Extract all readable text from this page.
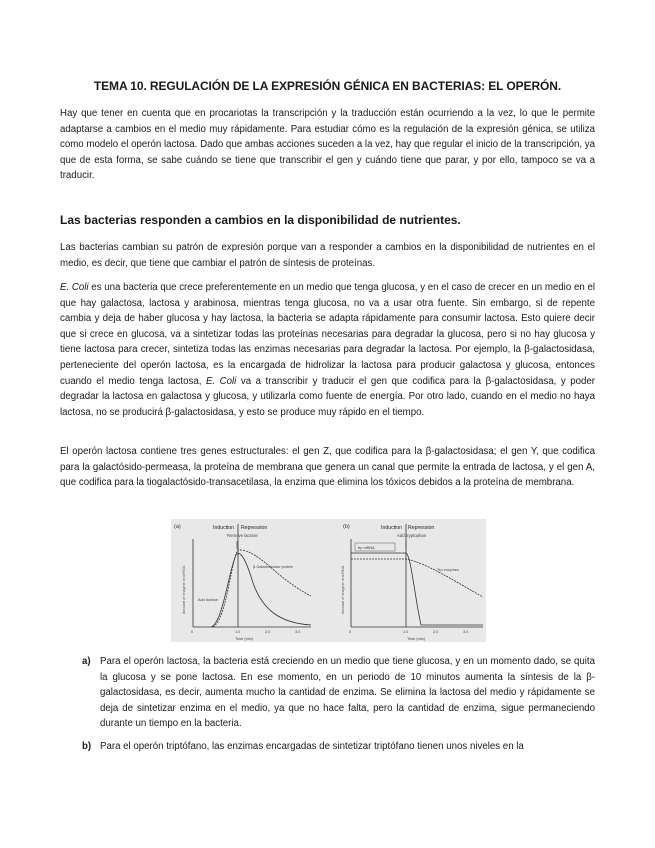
TEMA 10. REGULACIÓN DE LA EXPRESIÓN GÉNICA EN BACTERIAS: EL OPERÓN.

Hay que tener en cuenta que en procariotas la transcripción y la traducción están ocurriendo a la vez, lo que le permite adaptarse a cambios en el medio muy rápidamente. Para estudiar cómo es la regulación de la expresión génica, se utiliza como modelo el operón lactosa. Dado que ambas acciones suceden a la vez, hay que regular el inicio de la transcripción, ya que de esta forma, se sabe cuándo se tiene que transcribir el gen y cuándo tiene que parar, y por ello, tampoco se va a traducir.

Las bacterias responden a cambios en la disponibilidad de nutrientes.

Las bacterias cambian su patrón de expresión porque van a responder a cambios en la disponibilidad de nutrientes en el medio, es decir, que tiene que cambiar el patrón de síntesis de proteínas.

E. Coli es una bacteria que crece preferentemente en un medio que tenga glucosa, y en el caso de crecer en un medio en el que hay galactosa, lactosa y arabinosa, mientras tenga glucosa, no va a usar otra fuente. Sin embargo, si de repente cambia y deja de haber glucosa y hay lactosa, la bacteria se adapta rápidamente para consumir lactosa. Esto quiere decir que si crece en glucosa, va a sintetizar todas las proteínas necesarias para degradar la glucosa, pero si no hay glucosa y tiene lactosa para crecer, sintetiza todas las enzimas necesarias para degradar la lactosa. Por ejemplo, la β-galactosidasa, perteneciente del operón lactosa, es la encargada de hidrolizar la lactosa para producir galactosa y glucosa, entonces cuando el medio tenga lactosa, E. Coli va a transcribir y traducir el gen que codifica para la β-galactosidasa, y poder degradar la lactosa en galactosa y glucosa, y utilizarla como fuente de energía. Por otro lado, cuando en el medio no haya lactosa, no se producirá β-galactosidasa, y esto se produce muy rápido en el tiempo.

El operón lactosa contiene tres genes estructurales: el gen Z, que codifica para la β-galactosidasa; el gen Y, que codifica para la galactósido-permeasa, la proteína de membrana que genera un canal que permite la entrada de lactosa, y el gen A, que codifica para la tiogalactósido-transacetilasa, la enzima que elimina los tóxicos debidos a la proteína de membrana.

(a)	Induction Repression
Remove lactose
Amount of enzyme or mRNA	β-Galactosidase protein
Add lactose
0	1.0	2.0	3.0
Time (min)
(b)	Induction Repression
Add tryptophan
Amount of enzyme or mRNA
trp mRNA
Trp enzymes
0	1.0	2.0	3.0
Time (min)
a) Para el operón lactosa, la bacteria está creciendo en un medio que tiene glucosa, y en un momento dado, se quita la glucosa y se pone lactosa. En ese momento, en un periodo de 10 minutos aumenta la síntesis de la β-galactosidasa, es decir, aumenta mucho la cantidad de enzima. Se elimina la lactosa del medio y rápidamente se deja de sintetizar enzima en el medio, ya que no hace falta, pero la cantidad de enzima, sigue permaneciendo durante un tiempo en la bacteria.
b) Para el operón triptófano, las enzimas encargadas de sintetizar triptófano tienen unos niveles en la
